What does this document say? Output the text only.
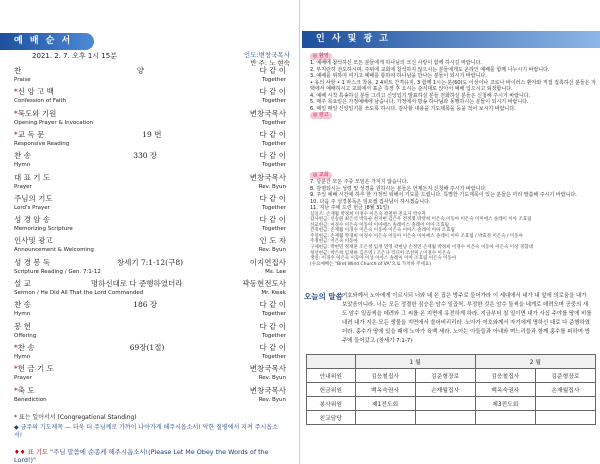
예 배 순 서
2021. 2. 7. 오후 1시 15분	인도:변창국목사
반 주: 노 현숙
찬	양	다 같 이
Praise	Together
*신 앙 고 백	다 같 이
Confession of Faith	Together
*묵도와 기원	변창국목사
Opening Prayer & Invocation	Together
*교 독 문	19 번	다 같 이
Responsive Reading	Together
찬 송	330 장	다 같 이
Hymn	Together
대 표 기 도	변창국목사
Prayer	Rev. Byun
주님의 기도	다 같 이
Lord's Prayer	Together
성 경 암 송	다 같 이
Memorizing Scripture	Together
인사및 광고	인 도 자
Announcement & Welcoming	Rev. Byun
성 경 봉 독	창세기 7:1-12(구8)	이지연집사
Scripture Reading / Gen. 7:1-12	Ms. Lee
설 교	명하신대로 다 준행하였더라	곽동현전도사
Sermon / He Did All That the Lord Commanded	Mr. Kwak
찬 송	186 장	다 같 이
Hymn	Together
봉 헌	다 같 이
Offering	Together
*찬 송	69장(1절)	다 같 이
Hymn	Together
*헌 금 기 도	변창국목사
Prayer	Rev. Byun
*축 도	변창국목사
Benediction	Rev. Byun
* 표는 일어서서 (Congregational Standing)
◆ 금주의 기도제목 — 더욱 더 주님께로 가까이 나아가게 해주시옵소서! 악한 질병에서 지켜 주시옵소서!
♦♦ 표 기도 "주님 말씀에 순종케 해주시옵소서!(Please Let Me Obey the Words of the Lord!)"
인 사 및 광 고
◎ 환영
1. 예배에 참석하신 모든 분들에게 하나님의 크신 사랑이 함께 하시길 바랍니다.
2. 부지런히 전도하시며, 주위에 교회에 참석하지 않으시는 분들에게도 온라인 예배를 함께 나누시기 바랍니다.
3. 예배를 위하여 여기고 예배를 통하여 하나님을 만나는 분들이 되시기 바랍니다.
• 유의 사항 • 1 마스크 착용, 2 4피트 간격유지, 3 함께 1시는 분(60)도 이상이나 코로나 바이러스 환자와 직접 접촉하신 분들은 자택에서 예배하시고 교회에서 표준 측정 후 오시는 순서대로 앉아서 예배 입으시고 퇴장합니다.
4. 예배 시작 특송하실 분들 그리고 신앙입기 발표하실 분들 전화하실 분들은 신청해 주시기 바랍니다.
5. 매주 목요일은 가정예배에 남습니다. 가정에서 방송 하나님과 동행하시는 분들이 되시기 바랍니다.
6. 매일 매일 신앙일기를 쓰도록 하시다. 감사할 내용을 기도제목을 등을 적어 보시기 바랍니다.
◎ 광고
◎ 교회
7. 당분간 모든 주중 모임은 가지지 않습니다.
8. 감염되시는 성령 및 성경을 원하시는 분들은 언제든지 신청해 주시기 바랍니다.
9. 주일 예배 시간에 하루 한 가정씩 위해서 기도를 드립니다. 특별한 기도제목이 있는 분들은 미리 말씀해 주시기 바랍니다.
10. 다음 주 성경봉독은 임요셉 집사님이 하시겠습니다.
11. 지난 주에 드린 헌금 (8월 31일)
십일조: 손재월 박경희 이경수 이은숙 곽철현 전요지 박수자
감사헌금: 신승원 최은석 박득순 천지현 김은우 전정명 박영희 이은숙 이동아 이은숙 이미애스 솔레이 이아 조효림
선교헌금: 이경수 이은숙 이동아 이아애스 솔레이스 솔레이 이아 조효림
건축헌금: 손재월 이경수 이은숙 이동아 이은숙 이아스 솔레이 이아 조효림
주일헌금: 손재월 박경희 이경수 이은숙 이동아 이은숙 이아애스 솔레이 이아 조효림 / 박효정 이은숙 / 이동아
주정헌금: 이은숙 이동아
구제헌금: 박현민 정재훈 조은정 임재 민영 곽현남 손정연 손재월 박경희 이경수 이은숙 이동아 이은숙 이상 경함대
청년헌금: 박은희 임재하 김은영 / 조은나 리디아 조찬미 / 이경수 이은숙
생일: 이경수 이은숙 이동아 이상 이아스 솔레이 이아 조효림 이은숙 이동아
(수요예배는 "Bret Wind Church of VA"으로 가치하 주세요)
오늘의 말씀 여호와께서 노아에게 이르시되 너와 네 온 집은 방주로 들어가라 이 세대에서 네가 내 앞에 의로움을 내가 보았음이니라. 너는 모든 정결한 짐승은 암수 일곱씩, 부정한 것은 암수 둘씩을 네게로 데려오며 공중의 새도 암수 일곱씩을 데려와 그 씨를 온 지면에 유전하게 하라. 지금부터 칠 일이면 내가 사십 주야를 땅에 비를 내려 내가 지은 모든 생물을 지면에서 쓸어버리리라. 노아가 여호와께서 자기에게 명하신 대로 다 준행하였더라. 홍수가 땅에 있을 때에 노아가 육백 세라. 노아는 아들들과 아내와 며느리들과 함께 홍수를 피하여 방주에 들어갔고 (창세기 7:1-7)
	1 월		2 월	
안내위원	김응철집사	김준형장로	김응철집사	김준형장로
헌금위원	백옥숙권사	손재월집사	백옥숙권사	손재월집사
봉사위원	제1전도회		제3전도회	
친교담당				
